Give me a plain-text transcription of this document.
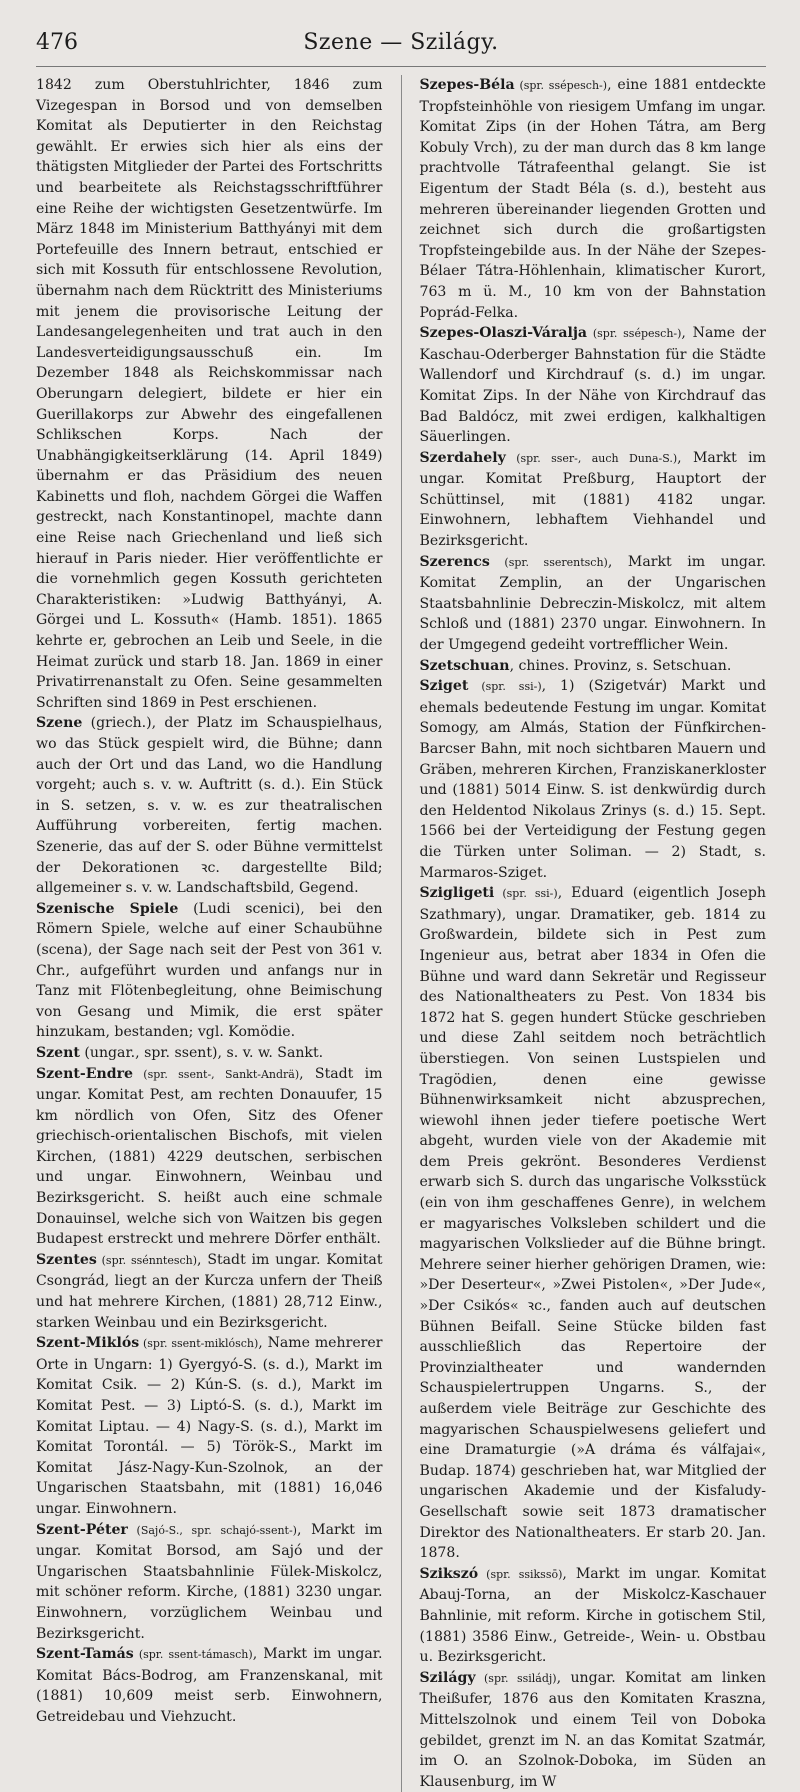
476	Szene — Szilágy.

1842 zum Oberstuhlrichter, 1846 zum Vizegespan in Borsod und von demselben Komitat als Deputierter in den Reichstag gewählt. Er erwies sich hier als eins der thätigsten Mitglieder der Partei des Fortschritts und bearbeitete als Reichstagsschriftführer eine Reihe der wichtigsten Gesetzentwürfe. Im März 1848 im Ministerium Batthyányi mit dem Portefeuille des Innern betraut, entschied er sich mit Kossuth für entschlossene Revolution, übernahm nach dem Rücktritt des Ministeriums mit jenem die provisorische Leitung der Landesangelegenheiten und trat auch in den Landesverteidigungsausschuß ein. Im Dezember 1848 als Reichskommissar nach Oberungarn delegiert, bildete er hier ein Guerillakorps zur Abwehr des eingefallenen Schlikschen Korps. Nach der Unabhängigkeitserklärung (14. April 1849) übernahm er das Präsidium des neuen Kabinetts und floh, nachdem Görgei die Waffen gestreckt, nach Konstantinopel, machte dann eine Reise nach Griechenland und ließ sich hierauf in Paris nieder. Hier veröffentlichte er die vornehmlich gegen Kossuth gerichteten Charakteristiken: »Ludwig Batthyányi, A. Görgei und L. Kossuth« (Hamb. 1851). 1865 kehrte er, gebrochen an Leib und Seele, in die Heimat zurück und starb 18. Jan. 1869 in einer Privatirrenanstalt zu Ofen. Seine gesammelten Schriften sind 1869 in Pest erschienen.

Szene (griech.), der Platz im Schauspielhaus, wo das Stück gespielt wird, die Bühne; dann auch der Ort und das Land, wo die Handlung vorgeht; auch s. v. w. Auftritt (s. d.). Ein Stück in S. setzen, s. v. w. es zur theatralischen Aufführung vorbereiten, fertig machen. Szenerie, das auf der S. oder Bühne vermittelst der Dekorationen ꝛc. dargestellte Bild; allgemeiner s. v. w. Landschaftsbild, Gegend.

Szenische Spiele (Ludi scenici), bei den Römern Spiele, welche auf einer Schaubühne (scena), der Sage nach seit der Pest von 361 v. Chr., aufgeführt wurden und anfangs nur in Tanz mit Flötenbegleitung, ohne Beimischung von Gesang und Mimik, die erst später hinzukam, bestanden; vgl. Komödie.

Szent (ungar., spr. ssent), s. v. w. Sankt.

Szent-Endre (spr. ssent-, Sankt-Andrä), Stadt im ungar. Komitat Pest, am rechten Donauufer, 15 km nördlich von Ofen, Sitz des Ofener griechisch-orientalischen Bischofs, mit vielen Kirchen, (1881) 4229 deutschen, serbischen und ungar. Einwohnern, Weinbau und Bezirksgericht. S. heißt auch eine schmale Donauinsel, welche sich von Waitzen bis gegen Budapest erstreckt und mehrere Dörfer enthält.

Szentes (spr. ssénntesch), Stadt im ungar. Komitat Csongrád, liegt an der Kurcza unfern der Theiß und hat mehrere Kirchen, (1881) 28,712 Einw., starken Weinbau und ein Bezirksgericht.

Szent-Miklós (spr. ssent-miklósch), Name mehrerer Orte in Ungarn: 1) Gyergyó-S. (s. d.), Markt im Komitat Csik. — 2) Kún-S. (s. d.), Markt im Komitat Pest. — 3) Liptó-S. (s. d.), Markt im Komitat Liptau. — 4) Nagy-S. (s. d.), Markt im Komitat Torontál. — 5) Török-S., Markt im Komitat Jász-Nagy-Kun-Szolnok, an der Ungarischen Staatsbahn, mit (1881) 16,046 ungar. Einwohnern.

Szent-Péter (Sajó-S., spr. schajó-ssent-), Markt im ungar. Komitat Borsod, am Sajó und der Ungarischen Staatsbahnlinie Fülek-Miskolcz, mit schöner reform. Kirche, (1881) 3230 ungar. Einwohnern, vorzüglichem Weinbau und Bezirksgericht.

Szent-Tamás (spr. ssent-támasch), Markt im ungar. Komitat Bács-Bodrog, am Franzenskanal, mit (1881) 10,609 meist serb. Einwohnern, Getreidebau und Viehzucht.

Szepes-Béla (spr. ssépesch-), eine 1881 entdeckte Tropfsteinhöhle von riesigem Umfang im ungar. Komitat Zips (in der Hohen Tátra, am Berg Kobuly Vrch), zu der man durch das 8 km lange prachtvolle Tátrafeenthal gelangt. Sie ist Eigentum der Stadt Béla (s. d.), besteht aus mehreren übereinander liegenden Grotten und zeichnet sich durch die großartigsten Tropfsteingebilde aus. In der Nähe der Szepes-Bélaer Tátra-Höhlenhain, klimatischer Kurort, 763 m ü. M., 10 km von der Bahnstation Poprád-Felka.

Szepes-Olaszi-Váralja (spr. ssépesch-), Name der Kaschau-Oderberger Bahnstation für die Städte Wallendorf und Kirchdrauf (s. d.) im ungar. Komitat Zips. In der Nähe von Kirchdrauf das Bad Baldócz, mit zwei erdigen, kalkhaltigen Säuerlingen.

Szerdahely (spr. sser-, auch Duna-S.), Markt im ungar. Komitat Preßburg, Hauptort der Schüttinsel, mit (1881) 4182 ungar. Einwohnern, lebhaftem Viehhandel und Bezirksgericht.

Szerencs (spr. sserentsch), Markt im ungar. Komitat Zemplin, an der Ungarischen Staatsbahnlinie Debreczin-Miskolcz, mit altem Schloß und (1881) 2370 ungar. Einwohnern. In der Umgegend gedeiht vortrefflicher Wein.

Szetschuan, chines. Provinz, s. Setschuan.

Sziget (spr. ssi-), 1) (Szigetvár) Markt und ehemals bedeutende Festung im ungar. Komitat Somogy, am Almás, Station der Fünfkirchen-Barcser Bahn, mit noch sichtbaren Mauern und Gräben, mehreren Kirchen, Franziskanerkloster und (1881) 5014 Einw. S. ist denkwürdig durch den Heldentod Nikolaus Zrinys (s. d.) 15. Sept. 1566 bei der Verteidigung der Festung gegen die Türken unter Soliman. — 2) Stadt, s. Marmaros-Sziget.

Szigligeti (spr. ssi-), Eduard (eigentlich Joseph Szathmary), ungar. Dramatiker, geb. 1814 zu Großwardein, bildete sich in Pest zum Ingenieur aus, betrat aber 1834 in Ofen die Bühne und ward dann Sekretär und Regisseur des Nationaltheaters zu Pest. Von 1834 bis 1872 hat S. gegen hundert Stücke geschrieben und diese Zahl seitdem noch beträchtlich überstiegen. Von seinen Lustspielen und Tragödien, denen eine gewisse Bühnenwirksamkeit nicht abzusprechen, wiewohl ihnen jeder tiefere poetische Wert abgeht, wurden viele von der Akademie mit dem Preis gekrönt. Besonderes Verdienst erwarb sich S. durch das ungarische Volksstück (ein von ihm geschaffenes Genre), in welchem er magyarisches Volksleben schildert und die magyarischen Volkslieder auf die Bühne bringt. Mehrere seiner hierher gehörigen Dramen, wie: »Der Deserteur«, »Zwei Pistolen«, »Der Jude«, »Der Csikós« ꝛc., fanden auch auf deutschen Bühnen Beifall. Seine Stücke bilden fast ausschließlich das Repertoire der Provinzialtheater und wandernden Schauspielertruppen Ungarns. S., der außerdem viele Beiträge zur Geschichte des magyarischen Schauspielwesens geliefert und eine Dramaturgie (»A dráma és válfajai«, Budap. 1874) geschrieben hat, war Mitglied der ungarischen Akademie und der Kisfaludy-Gesellschaft sowie seit 1873 dramatischer Direktor des Nationaltheaters. Er starb 20. Jan. 1878.

Szikszó (spr. ssikssō), Markt im ungar. Komitat Abauj-Torna, an der Miskolcz-Kaschauer Bahnlinie, mit reform. Kirche in gotischem Stil, (1881) 3586 Einw., Getreide-, Wein- u. Obstbau u. Bezirksgericht.

Szilágy (spr. ssiládj), ungar. Komitat am linken Theißufer, 1876 aus den Komitaten Kraszna, Mittelszolnok und einem Teil von Doboka gebildet, grenzt im N. an das Komitat Szatmár, im O. an Szolnok-Doboka, im Süden an Klausenburg, im W
